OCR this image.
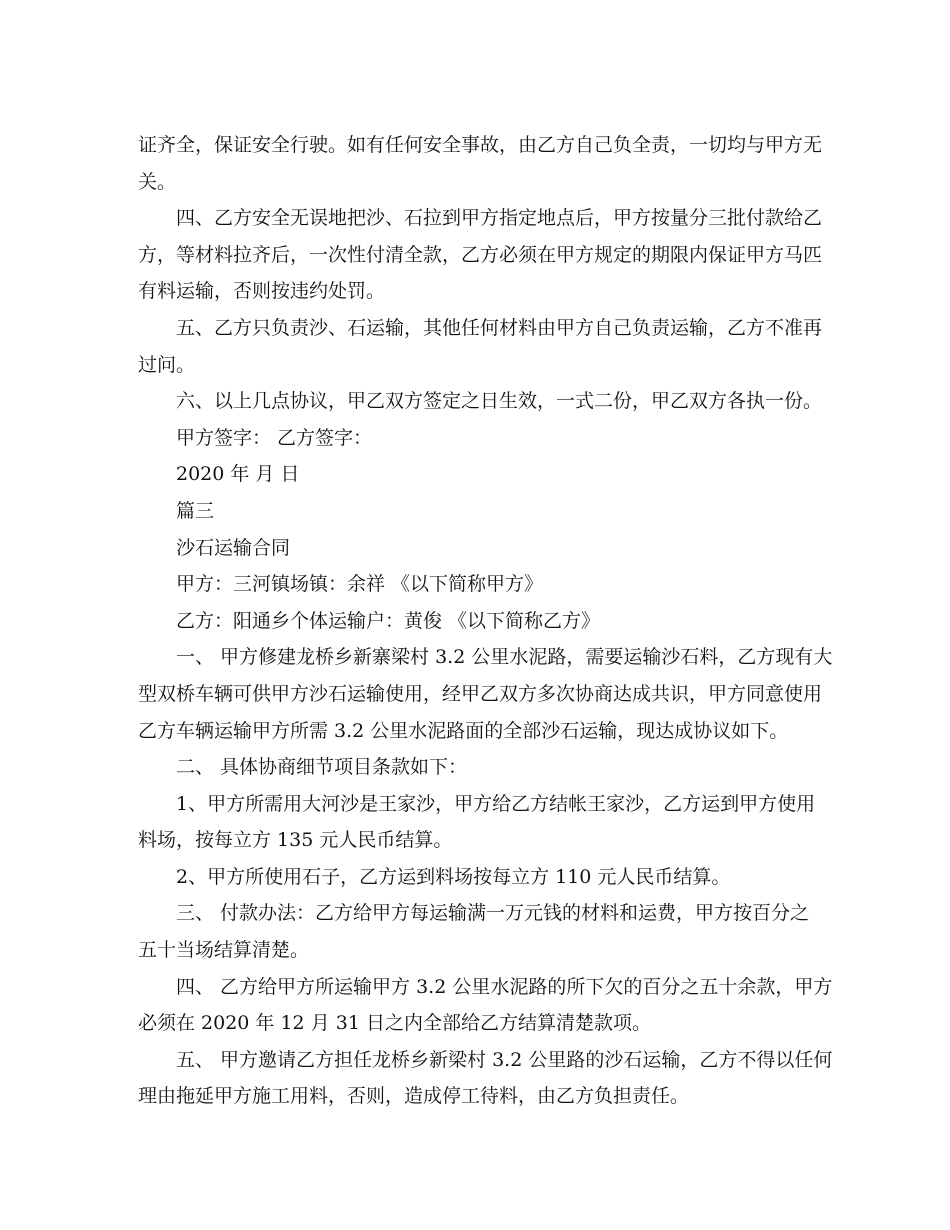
证齐全，保证安全行驶。如有任何安全事故，由乙方自己负全责，一切均与甲方无
关。
四、乙方安全无误地把沙、石拉到甲方指定地点后，甲方按量分三批付款给乙
方，等材料拉齐后，一次性付清全款，乙方必须在甲方规定的期限内保证甲方马匹
有料运输，否则按违约处罚。
五、乙方只负责沙、石运输，其他任何材料由甲方自己负责运输，乙方不准再
过问。
六、以上几点协议，甲乙双方签定之日生效，一式二份，甲乙双方各执一份。
甲方签字： 乙方签字：
2020 年 月 日
篇三
沙石运输合同
甲方：三河镇场镇：余祥 《以下简称甲方》
乙方：阳通乡个体运输户：黄俊 《以下简称乙方》
一、 甲方修建龙桥乡新寨梁村 3.2 公里水泥路，需要运输沙石料，乙方现有大
型双桥车辆可供甲方沙石运输使用，经甲乙双方多次协商达成共识，甲方同意使用
乙方车辆运输甲方所需 3.2 公里水泥路面的全部沙石运输，现达成协议如下。
二、 具体协商细节项目条款如下：
1、甲方所需用大河沙是王家沙，甲方给乙方结帐王家沙，乙方运到甲方使用
料场，按每立方 135 元人民币结算。
2、甲方所使用石子，乙方运到料场按每立方 110 元人民币结算。
三、 付款办法：乙方给甲方每运输满一万元钱的材料和运费，甲方按百分之
五十当场结算清楚。
四、 乙方给甲方所运输甲方 3.2 公里水泥路的所下欠的百分之五十余款，甲方
必须在 2020 年 12 月 31 日之内全部给乙方结算清楚款项。
五、 甲方邀请乙方担任龙桥乡新梁村 3.2 公里路的沙石运输，乙方不得以任何
理由拖延甲方施工用料，否则，造成停工待料，由乙方负担责任。
